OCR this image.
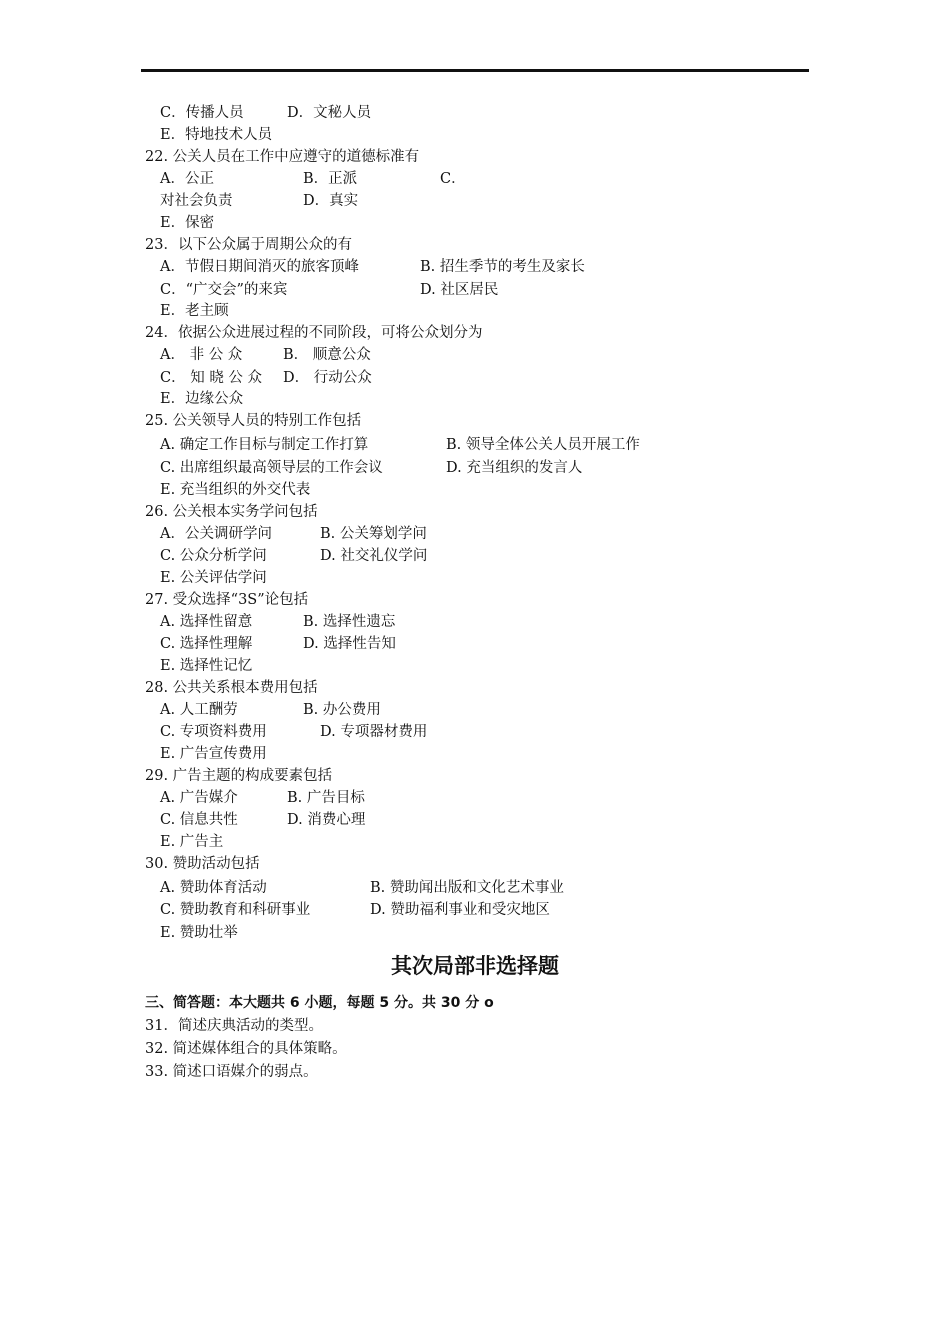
C．传播人员	D．文秘人员
E．特地技术人员
22. 公关人员在工作中应遵守的道德标准有
A．公正	B．正派	C．
对社会负责	D．真实
E．保密
23．以下公众属于周期公众的有
A．节假日期间消灭的旅客顶峰	B. 招生季节的考生及家长
C．“广交会”的来宾	D. 社区居民
E．老主顾
24．依据公众进展过程的不同阶段，可将公众划分为
A． 非 公 众	B． 顺意公众
C． 知 晓 公 众 D． 行动公众
E．边缘公众
25. 公关领导人员的特别工作包括
A. 确定工作目标与制定工作打算	B. 领导全体公关人员开展工作
C. 出席组织最高领导层的工作会议	D. 充当组织的发言人
E. 充当组织的外交代表
26. 公关根本实务学问包括
A．公关调研学问	B. 公关筹划学问
C. 公众分析学问	D. 社交礼仪学问
E. 公关评估学问
27. 受众选择“3S”论包括
A. 选择性留意	B. 选择性遗忘
C. 选择性理解	D. 选择性告知
E. 选择性记忆
28. 公共关系根本费用包括
A. 人工酬劳	B. 办公费用
C. 专项资料费用	D. 专项器材费用
E. 广告宣传费用
29. 广告主题的构成要素包括
A. 广告媒介	B. 广告目标
C. 信息共性	D. 消费心理
E. 广告主
30. 赞助活动包括
A. 赞助体育活动	B. 赞助闻出版和文化艺术事业
C. 赞助教育和科研事业	D. 赞助福利事业和受灾地区
E. 赞助壮举
其次局部非选择题
三、简答题：本大题共 6 小题，每题 5 分。共 30 分 o
31．简述庆典活动的类型。
32. 简述媒体组合的具体策略。
33. 简述口语媒介的弱点。
